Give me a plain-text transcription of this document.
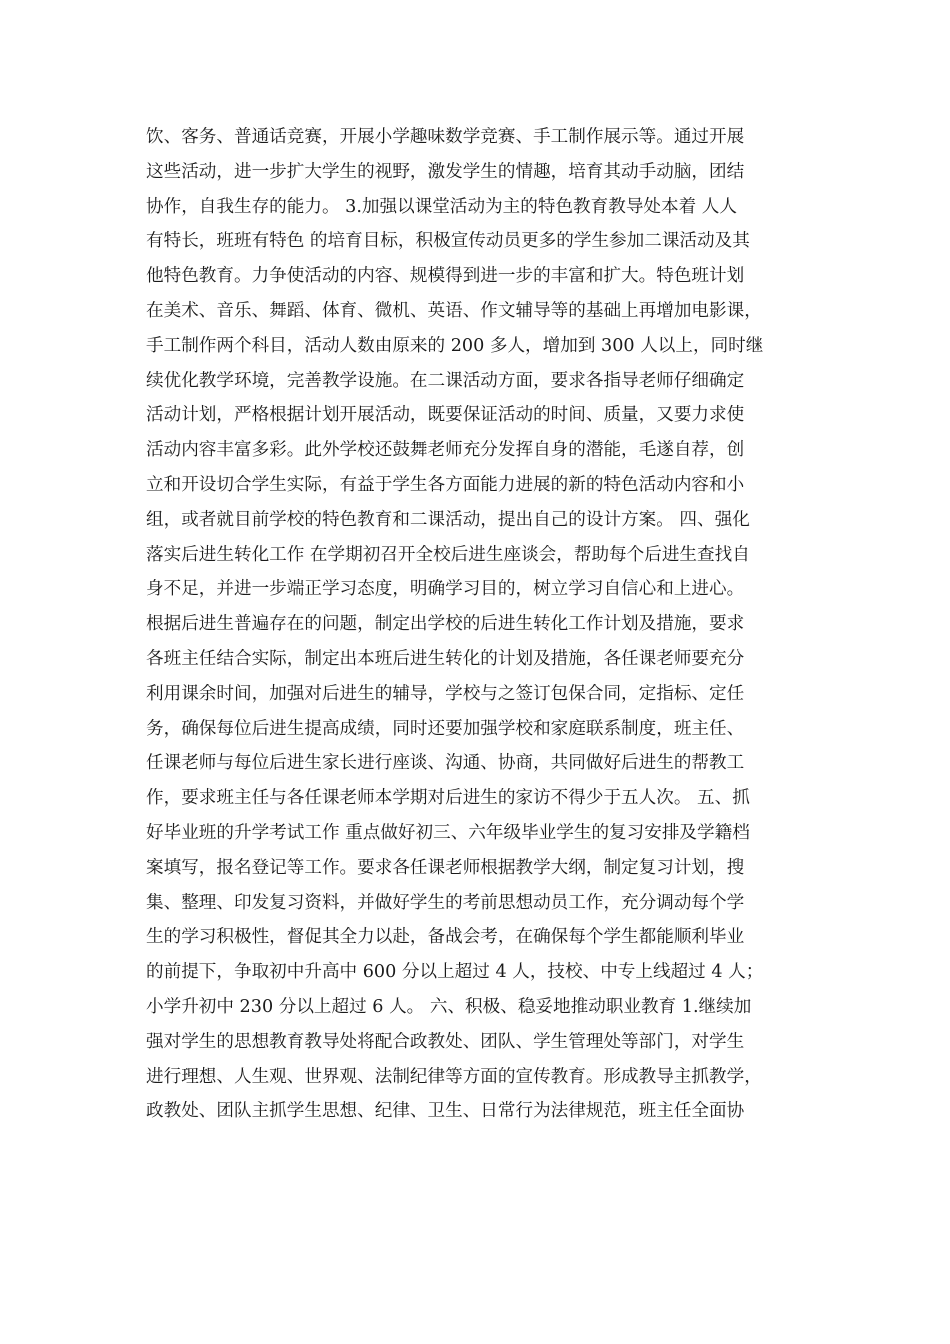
饮、客务、普通话竞赛，开展小学趣味数学竞赛、手工制作展示等。通过开展
这些活动，进一步扩大学生的视野，激发学生的情趣，培育其动手动脑，团结
协作，自我生存的能力。 3.加强以课堂活动为主的特色教育教导处本着 人人
有特长，班班有特色 的培育目标，积极宣传动员更多的学生参加二课活动及其
他特色教育。力争使活动的内容、规模得到进一步的丰富和扩大。特色班计划
在美术、音乐、舞蹈、体育、微机、英语、作文辅导等的基础上再增加电影课，
手工制作两个科目，活动人数由原来的 200 多人，增加到 300 人以上，同时继
续优化教学环境，完善教学设施。在二课活动方面，要求各指导老师仔细确定
活动计划，严格根据计划开展活动，既要保证活动的时间、质量，又要力求使
活动内容丰富多彩。此外学校还鼓舞老师充分发挥自身的潜能，毛遂自荐，创
立和开设切合学生实际，有益于学生各方面能力进展的新的特色活动内容和小
组，或者就目前学校的特色教育和二课活动，提出自己的设计方案。 四、强化
落实后进生转化工作 在学期初召开全校后进生座谈会，帮助每个后进生查找自
身不足，并进一步端正学习态度，明确学习目的，树立学习自信心和上进心。
根据后进生普遍存在的问题，制定出学校的后进生转化工作计划及措施，要求
各班主任结合实际，制定出本班后进生转化的计划及措施，各任课老师要充分
利用课余时间，加强对后进生的辅导，学校与之签订包保合同，定指标、定任
务，确保每位后进生提高成绩，同时还要加强学校和家庭联系制度，班主任、
任课老师与每位后进生家长进行座谈、沟通、协商，共同做好后进生的帮教工
作，要求班主任与各任课老师本学期对后进生的家访不得少于五人次。 五、抓
好毕业班的升学考试工作 重点做好初三、六年级毕业学生的复习安排及学籍档
案填写，报名登记等工作。要求各任课老师根据教学大纲，制定复习计划，搜
集、整理、印发复习资料，并做好学生的考前思想动员工作，充分调动每个学
生的学习积极性，督促其全力以赴，备战会考，在确保每个学生都能顺利毕业
的前提下，争取初中升高中 600 分以上超过 4 人，技校、中专上线超过 4 人；
小学升初中 230 分以上超过 6 人。 六、积极、稳妥地推动职业教育 1.继续加
强对学生的思想教育教导处将配合政教处、团队、学生管理处等部门，对学生
进行理想、人生观、世界观、法制纪律等方面的宣传教育。形成教导主抓教学，
政教处、团队主抓学生思想、纪律、卫生、日常行为法律规范，班主任全面协
